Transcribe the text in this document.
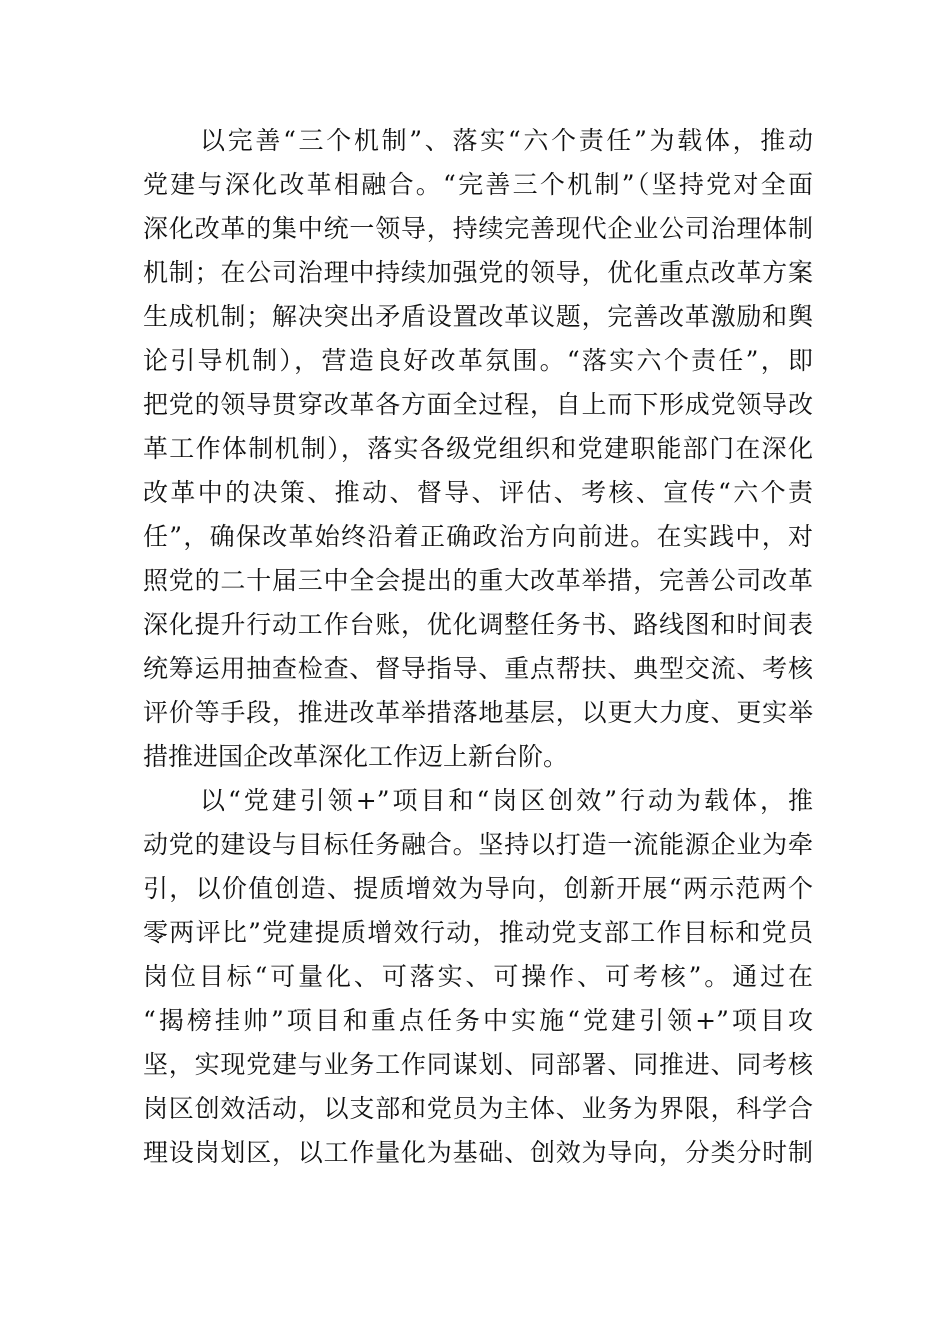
以完善“三个机制”、落实“六个责任”为载体，推动
党建与深化改革相融合。“完善三个机制”（坚持党对全面
深化改革的集中统一领导，持续完善现代企业公司治理体制
机制；在公司治理中持续加强党的领导，优化重点改革方案
生成机制；解决突出矛盾设置改革议题，完善改革激励和舆
论引导机制），营造良好改革氛围。“落实六个责任”，即
把党的领导贯穿改革各方面全过程，自上而下形成党领导改
革工作体制机制），落实各级党组织和党建职能部门在深化
改革中的决策、推动、督导、评估、考核、宣传“六个责
任”，确保改革始终沿着正确政治方向前进。在实践中，对
照党的二十届三中全会提出的重大改革举措，完善公司改革
深化提升行动工作台账，优化调整任务书、路线图和时间表
统筹运用抽查检查、督导指导、重点帮扶、典型交流、考核
评价等手段，推进改革举措落地基层，以更大力度、更实举
措推进国企改革深化工作迈上新台阶。
以“党建引领+”项目和“岗区创效”行动为载体，推
动党的建设与目标任务融合。坚持以打造一流能源企业为牵
引，以价值创造、提质增效为导向，创新开展“两示范两个
零两评比”党建提质增效行动，推动党支部工作目标和党员
岗位目标“可量化、可落实、可操作、可考核”。通过在
“揭榜挂帅”项目和重点任务中实施“党建引领+”项目攻
坚，实现党建与业务工作同谋划、同部署、同推进、同考核
岗区创效活动，以支部和党员为主体、业务为界限，科学合
理设岗划区，以工作量化为基础、创效为导向，分类分时制
